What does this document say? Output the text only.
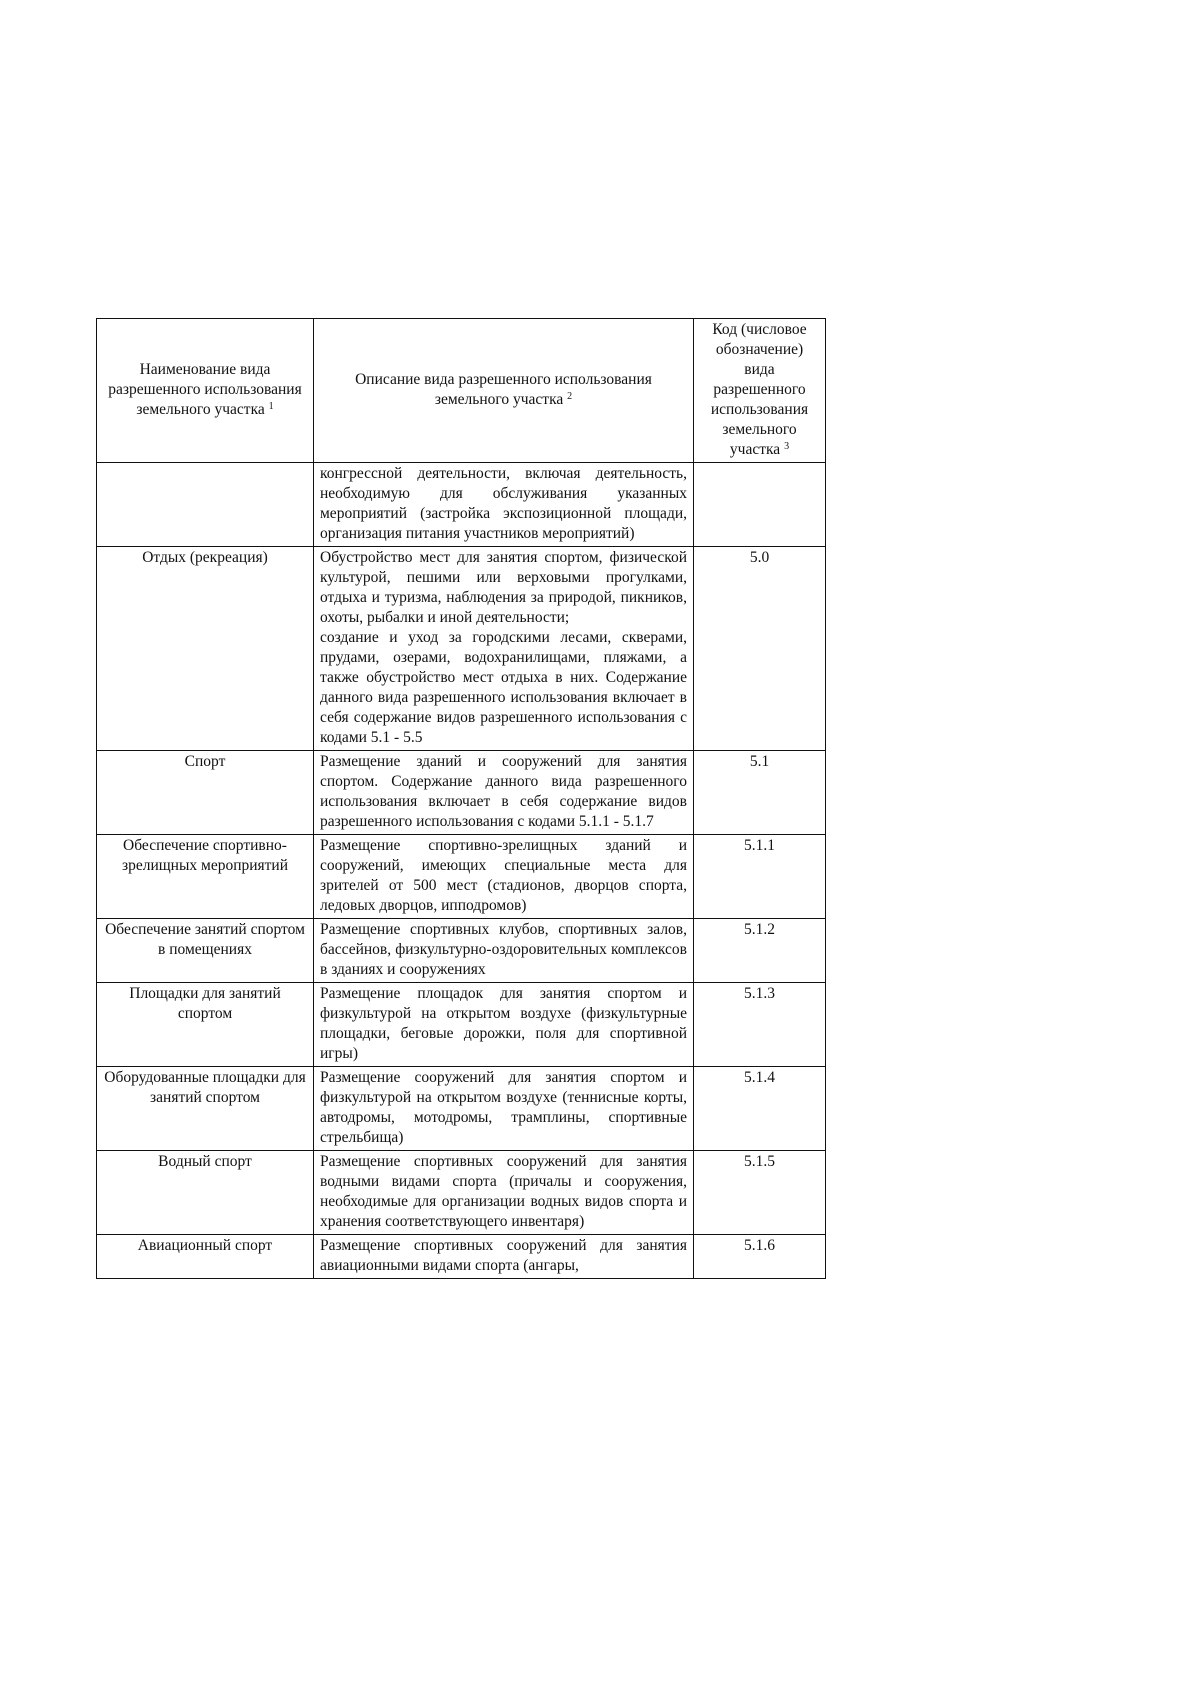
Наименование вида разрешенного использования земельного участка $^1$	Описание вида разрешенного использования земельного участка $^2$	Код (числовое обозначение) вида разрешенного использования земельного участка $^3$

	конгрессной деятельности, включая деятельность, необходимую для обслуживания указанных мероприятий (застройка экспозиционной площади, организация питания участников мероприятий)	

Отдых (рекреация)	Обустройство мест для занятия спортом, физической культурой, пешими или верховыми прогулками, отдыха и туризма, наблюдения за природой, пикников, охоты, рыбалки и иной деятельности;
создание и уход за городскими лесами, скверами, прудами, озерами, водохранилищами, пляжами, а также обустройство мест отдыха в них. Содержание данного вида разрешенного использования включает в себя содержание видов разрешенного использования с кодами 5.1 - 5.5	5.0
Спорт	Размещение зданий и сооружений для занятия спортом. Содержание данного вида разрешенного использования включает в себя содержание видов разрешенного использования с кодами 5.1.1 - 5.1.7	5.1
Обеспечение спортивно-зрелищных мероприятий	Размещение спортивно-зрелищных зданий и сооружений, имеющих специальные места для зрителей от 500 мест (стадионов, дворцов спорта, ледовых дворцов, ипподромов)	5.1.1
Обеспечение занятий спортом в помещениях	Размещение спортивных клубов, спортивных залов, бассейнов, физкультурно-оздоровительных комплексов в зданиях и сооружениях	5.1.2
Площадки для занятий спортом	Размещение площадок для занятия спортом и физкультурой на открытом воздухе (физкультурные площадки, беговые дорожки, поля для спортивной игры)	5.1.3
Оборудованные площадки для занятий спортом	Размещение сооружений для занятия спортом и физкультурой на открытом воздухе (теннисные корты, автодромы, мотодромы, трамплины, спортивные стрельбища)	5.1.4
Водный спорт	Размещение спортивных сооружений для занятия водными видами спорта (причалы и сооружения, необходимые для организации водных видов спорта и хранения соответствующего инвентаря)	5.1.5
Авиационный спорт	Размещение спортивных сооружений для занятия авиационными видами спорта (ангары,	5.1.6
